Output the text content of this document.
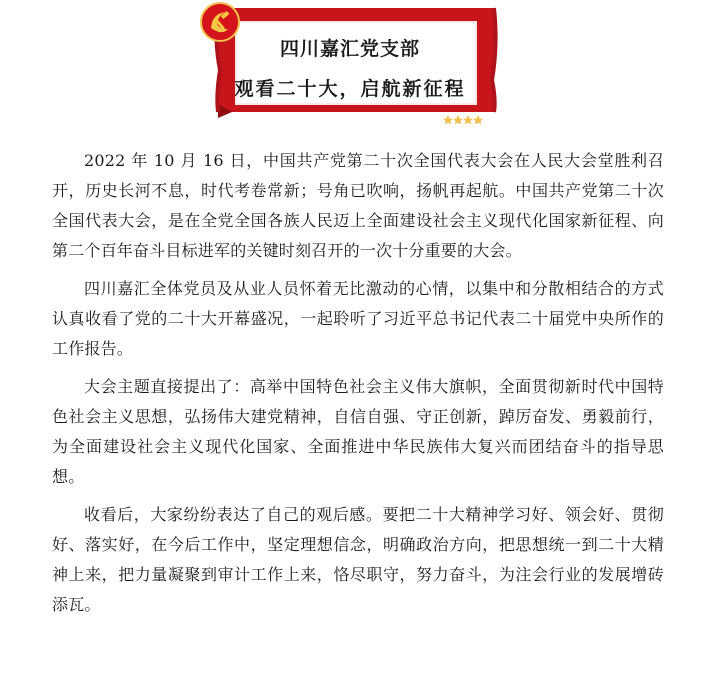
四川嘉汇党支部
观看二十大，启航新征程

2022 年 10 月 16 日，中国共产党第二十次全国代表大会在人民大会堂胜利召开，历史长河不息，时代考卷常新；号角已吹响，扬帆再起航。中国共产党第二十次全国代表大会，是在全党全国各族人民迈上全面建设社会主义现代化国家新征程、向第二个百年奋斗目标进军的关键时刻召开的一次十分重要的大会。

四川嘉汇全体党员及从业人员怀着无比激动的心情，以集中和分散相结合的方式认真收看了党的二十大开幕盛况，一起聆听了习近平总书记代表二十届党中央所作的工作报告。

大会主题直接提出了：高举中国特色社会主义伟大旗帜，全面贯彻新时代中国特色社会主义思想，弘扬伟大建党精神，自信自强、守正创新，踔厉奋发、勇毅前行，为全面建设社会主义现代化国家、全面推进中华民族伟大复兴而团结奋斗的指导思想。

收看后，大家纷纷表达了自己的观后感。要把二十大精神学习好、领会好、贯彻好、落实好，在今后工作中，坚定理想信念，明确政治方向，把思想统一到二十大精神上来，把力量凝聚到审计工作上来，恪尽职守，努力奋斗，为注会行业的发展增砖添瓦。
